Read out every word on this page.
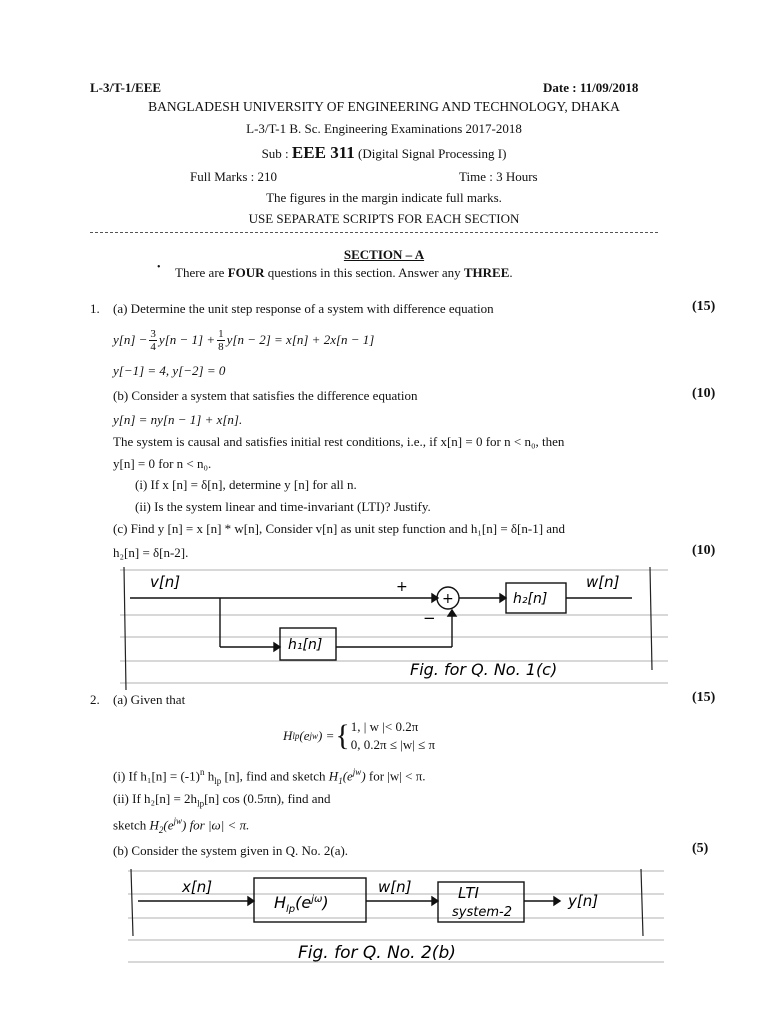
L-3/T-1/EEE	Date : 11/09/2018
BANGLADESH UNIVERSITY OF ENGINEERING AND TECHNOLOGY, DHAKA
L-3/T-1 B. Sc. Engineering Examinations 2017-2018
Sub : EEE 311 (Digital Signal Processing I)
Full Marks : 210	Time : 3 Hours
The figures in the margin indicate full marks.
USE SEPARATE SCRIPTS FOR EACH SECTION
SECTION – A
• There are FOUR questions in this section. Answer any THREE.
1. (a) Determine the unit step response of a system with difference equation	(15)
$y[n] - \frac{3}{4} y[n - 1] + \frac{1}{8} y[n - 2] = x[n] + 2x[n - 1]$
y[−1] = 4, y[−2] = 0
(b) Consider a system that satisfies the difference equation	(10)
y[n] = ny[n − 1] + x[n].
The system is causal and satisfies initial rest conditions, i.e., if x[n] = 0 for n < n₀, then
y[n] = 0 for n < n₀.
(i) If x [n] = δ[n], determine y [n] for all n.
(ii) Is the system linear and time-invariant (LTI)? Justify.
(c) Find y [n] = x [n] * w[n], Consider v[n] as unit step function and h₁[n] = δ[n-1] and
h₂[n] = δ[n-2].	(10)
v[n]	+
−
+	h₂[n]
w[n]
h₁[n]
Fig. for Q. No. 1(c)
2. (a) Given that	(15)
H lp (e jw ) = { 1, | w |< 0.2π
0, 0.2π ≤ |w| ≤ π
(i) If $h_1[n] = (-1)^n$ $h_{lp}$ [n], find and sketch $H_1(e^{jw})$ for |w| < π.
(ii) If $h_2[n] = 2h_{lp}[n]$ cos (0.5πn), find and
sketch $H_2(e^{jw})$ for |ω| < π.
(b) Consider the system given in Q. No. 2(a).	(5)
x[n]
$H_{lp}(e^{j\omega})$
w[n]	LTI
system-2
y[n]
Fig. for Q. No. 2(b)
